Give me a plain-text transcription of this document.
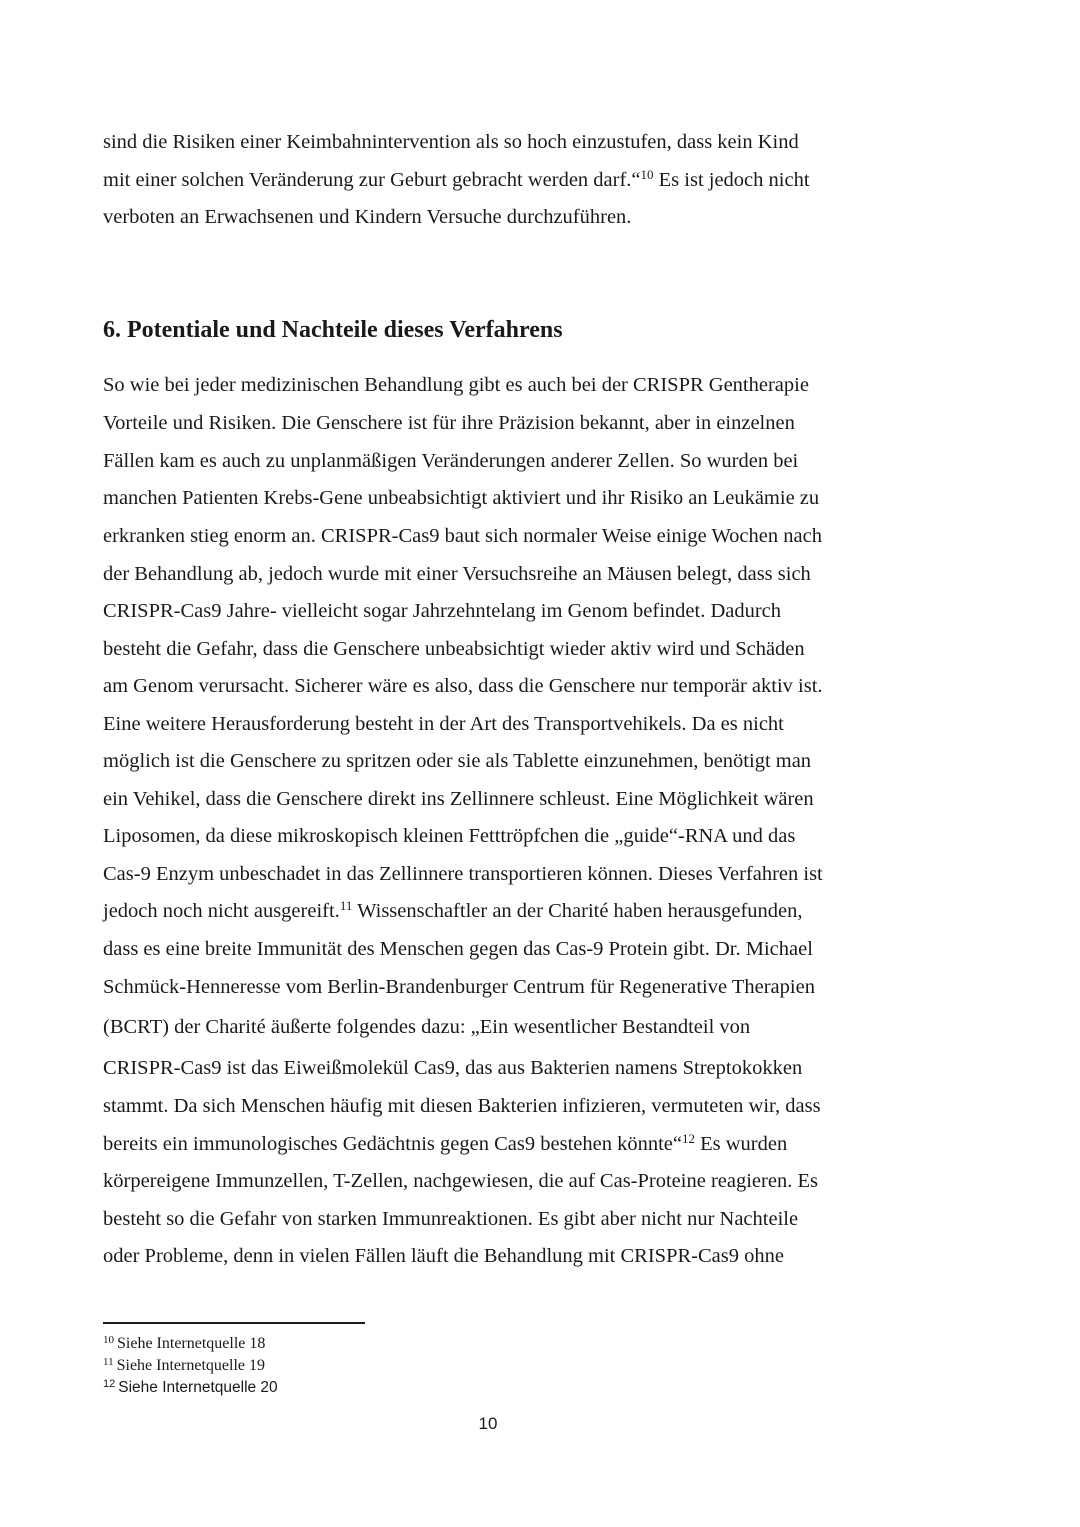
sind die Risiken einer Keimbahnintervention als so hoch einzustufen, dass kein Kind
mit einer solchen Veränderung zur Geburt gebracht werden darf.“$^{10}$ Es ist jedoch nicht
verboten an Erwachsenen und Kindern Versuche durchzuführen.
6. Potentiale und Nachteile dieses Verfahrens
So wie bei jeder medizinischen Behandlung gibt es auch bei der CRISPR Gentherapie
Vorteile und Risiken. Die Genschere ist für ihre Präzision bekannt, aber in einzelnen
Fällen kam es auch zu unplanmäßigen Veränderungen anderer Zellen. So wurden bei
manchen Patienten Krebs-Gene unbeabsichtigt aktiviert und ihr Risiko an Leukämie zu
erkranken stieg enorm an. CRISPR-Cas9 baut sich normaler Weise einige Wochen nach
der Behandlung ab, jedoch wurde mit einer Versuchsreihe an Mäusen belegt, dass sich
CRISPR-Cas9 Jahre- vielleicht sogar Jahrzehntelang im Genom befindet. Dadurch
besteht die Gefahr, dass die Genschere unbeabsichtigt wieder aktiv wird und Schäden
am Genom verursacht. Sicherer wäre es also, dass die Genschere nur temporär aktiv ist.
Eine weitere Herausforderung besteht in der Art des Transportvehikels. Da es nicht
möglich ist die Genschere zu spritzen oder sie als Tablette einzunehmen, benötigt man
ein Vehikel, dass die Genschere direkt ins Zellinnere schleust. Eine Möglichkeit wären
Liposomen, da diese mikroskopisch kleinen Fetttröpfchen die „guide“-RNA und das
Cas-9 Enzym unbeschadet in das Zellinnere transportieren können. Dieses Verfahren ist
jedoch noch nicht ausgereift.$^{11}$ Wissenschaftler an der Charité haben herausgefunden,
dass es eine breite Immunität des Menschen gegen das Cas-9 Protein gibt. Dr. Michael
Schmück-Henneresse vom Berlin-Brandenburger Centrum für Regenerative Therapien
(BCRT) der Charité äußerte folgendes dazu: „Ein wesentlicher Bestandteil von
CRISPR-Cas9 ist das Eiweißmolekül Cas9, das aus Bakterien namens Streptokokken
stammt. Da sich Menschen häufig mit diesen Bakterien infizieren, vermuteten wir, dass
bereits ein immunologisches Gedächtnis gegen Cas9 bestehen könnte“$^{12}$ Es wurden
körpereigene Immunzellen, T-Zellen, nachgewiesen, die auf Cas-Proteine reagieren. Es
besteht so die Gefahr von starken Immunreaktionen. Es gibt aber nicht nur Nachteile
oder Probleme, denn in vielen Fällen läuft die Behandlung mit CRISPR-Cas9 ohne
$^{10}$ Siehe Internetquelle 18
$^{11}$ Siehe Internetquelle 19
$^{12}$ Siehe Internetquelle 20
10
